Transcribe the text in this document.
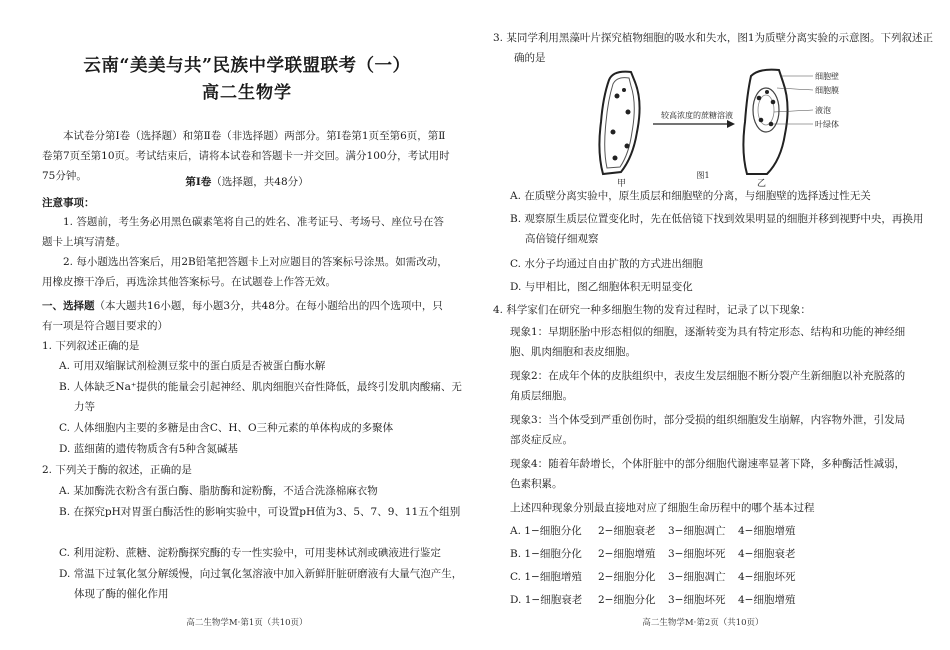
云南“美美与共”民族中学联盟联考（一）
高二生物学
本试卷分第Ⅰ卷（选择题）和第Ⅱ卷（非选择题）两部分。第Ⅰ卷第1页至第6页，第Ⅱ卷第7页至第10页。考试结束后，请将本试卷和答题卡一并交回。满分100分，考试用时75分钟。	第Ⅰ卷（选择题，共48分）
注意事项：
1. 答题前，考生务必用黑色碳素笔将自己的姓名、准考证号、考场号、座位号在答题卡上填写清楚。
2. 每小题选出答案后，用2B铅笔把答题卡上对应题目的答案标号涂黑。如需改动，用橡皮擦干净后，再选涂其他答案标号。在试题卷上作答无效。
一、选择题（本大题共16小题，每小题3分，共48分。在每小题给出的四个选项中，只有一项是符合题目要求的）
1. 下列叙述正确的是
A. 可用双缩脲试剂检测豆浆中的蛋白质是否被蛋白酶水解
B. 人体缺乏Na⁺提供的能量会引起神经、肌肉细胞兴奋性降低，最终引发肌肉酸痛、无力等
C. 人体细胞内主要的多糖是由含C、H、O三种元素的单体构成的多聚体
D. 蓝细菌的遗传物质含有5种含氮碱基
2. 下列关于酶的叙述，正确的是
A. 某加酶洗衣粉含有蛋白酶、脂肪酶和淀粉酶，不适合洗涤棉麻衣物
B. 在探究pH对胃蛋白酶活性的影响实验中，可设置pH值为3、5、7、9、11五个组别
C. 利用淀粉、蔗糖、淀粉酶探究酶的专一性实验中，可用斐林试剂或碘液进行鉴定
D. 常温下过氧化氢分解缓慢，向过氧化氢溶液中加入新鲜肝脏研磨液有大量气泡产生，体现了酶的催化作用
高二生物学M·第1页（共10页）
3. 某同学利用黑藻叶片探究植物细胞的吸水和失水，图1为质壁分离实验的示意图。下列叙述正确的是
较高浓度的蔗糖溶液
细胞壁
细胞膜
液泡
叶绿体
甲	乙
图1
A. 在质壁分离实验中，原生质层和细胞壁的分离，与细胞壁的选择透过性无关
B. 观察原生质层位置变化时，先在低倍镜下找到效果明显的细胞并移到视野中央，再换用高倍镜仔细观察
C. 水分子均通过自由扩散的方式进出细胞
D. 与甲相比，图乙细胞体积无明显变化
4. 科学家们在研究一种多细胞生物的发育过程时，记录了以下现象：
现象1：早期胚胎中形态相似的细胞，逐渐转变为具有特定形态、结构和功能的神经细胞、肌肉细胞和表皮细胞。
现象2：在成年个体的皮肤组织中，表皮生发层细胞不断分裂产生新细胞以补充脱落的角质层细胞。
现象3：当个体受到严重创伤时，部分受损的组织细胞发生崩解，内容物外泄，引发局部炎症反应。
现象4：随着年龄增长，个体肝脏中的部分细胞代谢速率显著下降，多种酶活性减弱，色素积累。
上述四种现象分别最直接地对应了细胞生命历程中的哪个基本过程
A. 1−细胞分化 2−细胞衰老 3−细胞凋亡 4−细胞增殖
B. 1−细胞分化 2−细胞增殖 3−细胞坏死 4−细胞衰老
C. 1−细胞增殖 2−细胞分化 3−细胞凋亡 4−细胞坏死
D. 1−细胞衰老 2−细胞分化 3−细胞坏死 4−细胞增殖
高二生物学M·第2页（共10页）
